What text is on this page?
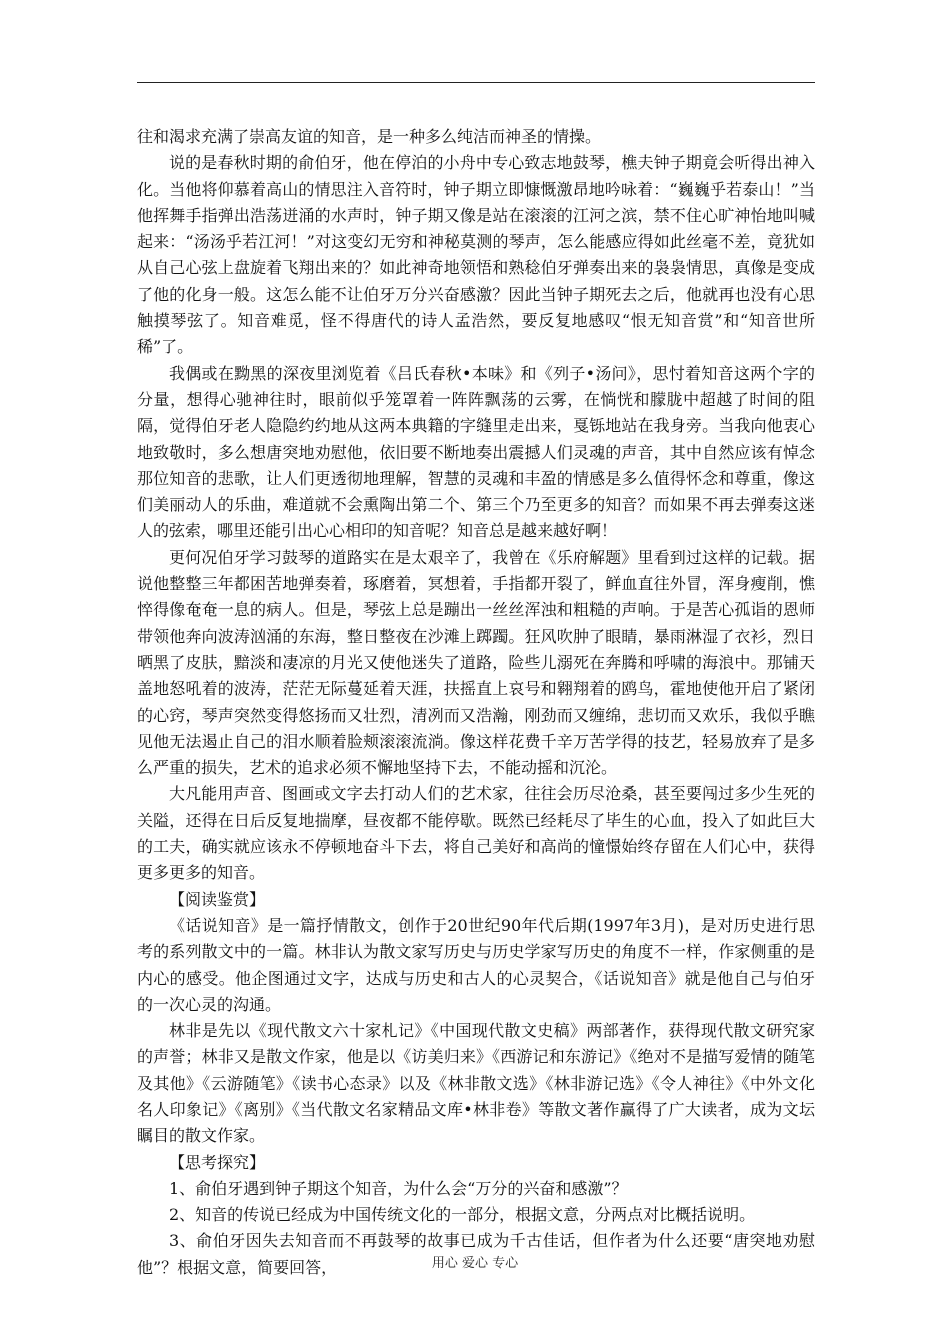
往和渴求充满了崇高友谊的知音，是一种多么纯洁而神圣的情操。

说的是春秋时期的俞伯牙，他在停泊的小舟中专心致志地鼓琴，樵夫钟子期竟会听得出神入化。当他将仰慕着高山的情思注入音符时，钟子期立即慷慨激昂地吟咏着：“巍巍乎若泰山！”当他挥舞手指弹出浩荡迸涌的水声时，钟子期又像是站在滚滚的江河之滨，禁不住心旷神怡地叫喊起来：“汤汤乎若江河！”对这变幻无穷和神秘莫测的琴声，怎么能感应得如此丝毫不差，竟犹如从自己心弦上盘旋着飞翔出来的？如此神奇地领悟和熟稔伯牙弹奏出来的袅袅情思，真像是变成了他的化身一般。这怎么能不让伯牙万分兴奋感激？因此当钟子期死去之后，他就再也没有心思触摸琴弦了。知音难觅，怪不得唐代的诗人孟浩然，要反复地感叹“恨无知音赏”和“知音世所稀”了。

我偶或在黝黑的深夜里浏览着《吕氏春秋•本味》和《列子•汤问》，思忖着知音这两个字的分量，想得心驰神往时，眼前似乎笼罩着一阵阵飘荡的云雾，在惝恍和朦胧中超越了时间的阻隔，觉得伯牙老人隐隐约约地从这两本典籍的字缝里走出来，戛铄地站在我身旁。当我向他衷心地致敬时，多么想唐突地劝慰他，依旧要不断地奏出震撼人们灵魂的声音，其中自然应该有悼念那位知音的悲歌，让人们更透彻地理解，智慧的灵魂和丰盈的情感是多么值得怀念和尊重，像这们美丽动人的乐曲，难道就不会熏陶出第二个、第三个乃至更多的知音？而如果不再去弹奏这迷人的弦索，哪里还能引出心心相印的知音呢？知音总是越来越好啊！

更何况伯牙学习鼓琴的道路实在是太艰辛了，我曾在《乐府解题》里看到过这样的记载。据说他整整三年都困苦地弹奏着，琢磨着，冥想着，手指都开裂了，鲜血直往外冒，浑身瘦削，憔悴得像奄奄一息的病人。但是，琴弦上总是蹦出一丝丝浑浊和粗糙的声响。于是苦心孤诣的恩师带领他奔向波涛汹涌的东海，整日整夜在沙滩上踯躅。狂风吹肿了眼睛，暴雨淋湿了衣衫，烈日晒黑了皮肤，黯淡和凄凉的月光又使他迷失了道路，险些儿溺死在奔腾和呼啸的海浪中。那铺天盖地怒吼着的波涛，茫茫无际蔓延着天涯，扶摇直上哀号和翱翔着的鸥鸟，霍地使他开启了紧闭的心窍，琴声突然变得悠扬而又壮烈，清冽而又浩瀚，刚劲而又缠绵，悲切而又欢乐，我似乎瞧见他无法遏止自己的泪水顺着脸颊滚滚流淌。像这样花费千辛万苦学得的技艺，轻易放弃了是多么严重的损失，艺术的追求必须不懈地坚持下去，不能动摇和沉沦。

大凡能用声音、图画或文字去打动人们的艺术家，往往会历尽沧桑，甚至要闯过多少生死的关隘，还得在日后反复地揣摩，昼夜都不能停歇。既然已经耗尽了毕生的心血，投入了如此巨大的工夫，确实就应该永不停顿地奋斗下去，将自己美好和高尚的憧憬始终存留在人们心中，获得更多更多的知音。

【阅读鉴赏】

《话说知音》是一篇抒情散文，创作于20世纪90年代后期(1997年3月)，是对历史进行思考的系列散文中的一篇。林非认为散文家写历史与历史学家写历史的角度不一样，作家侧重的是内心的感受。他企图通过文字，达成与历史和古人的心灵契合，《话说知音》就是他自己与伯牙的一次心灵的沟通。

林非是先以《现代散文六十家札记》《中国现代散文史稿》两部著作，获得现代散文研究家的声誉；林非又是散文作家，他是以《访美归来》《西游记和东游记》《绝对不是描写爱情的随笔及其他》《云游随笔》《读书心态录》以及《林非散文选》《林非游记选》《令人神往》《中外文化名人印象记》《离别》《当代散文名家精品文库•林非卷》等散文著作赢得了广大读者，成为文坛瞩目的散文作家。

【思考探究】

1、俞伯牙遇到钟子期这个知音，为什么会“万分的兴奋和感激”？

2、知音的传说已经成为中国传统文化的一部分，根据文意，分两点对比概括说明。

3、俞伯牙因失去知音而不再鼓琴的故事已成为千古佳话，但作者为什么还要“唐突地劝慰他”？根据文意，简要回答，	用心 爱心 专心
